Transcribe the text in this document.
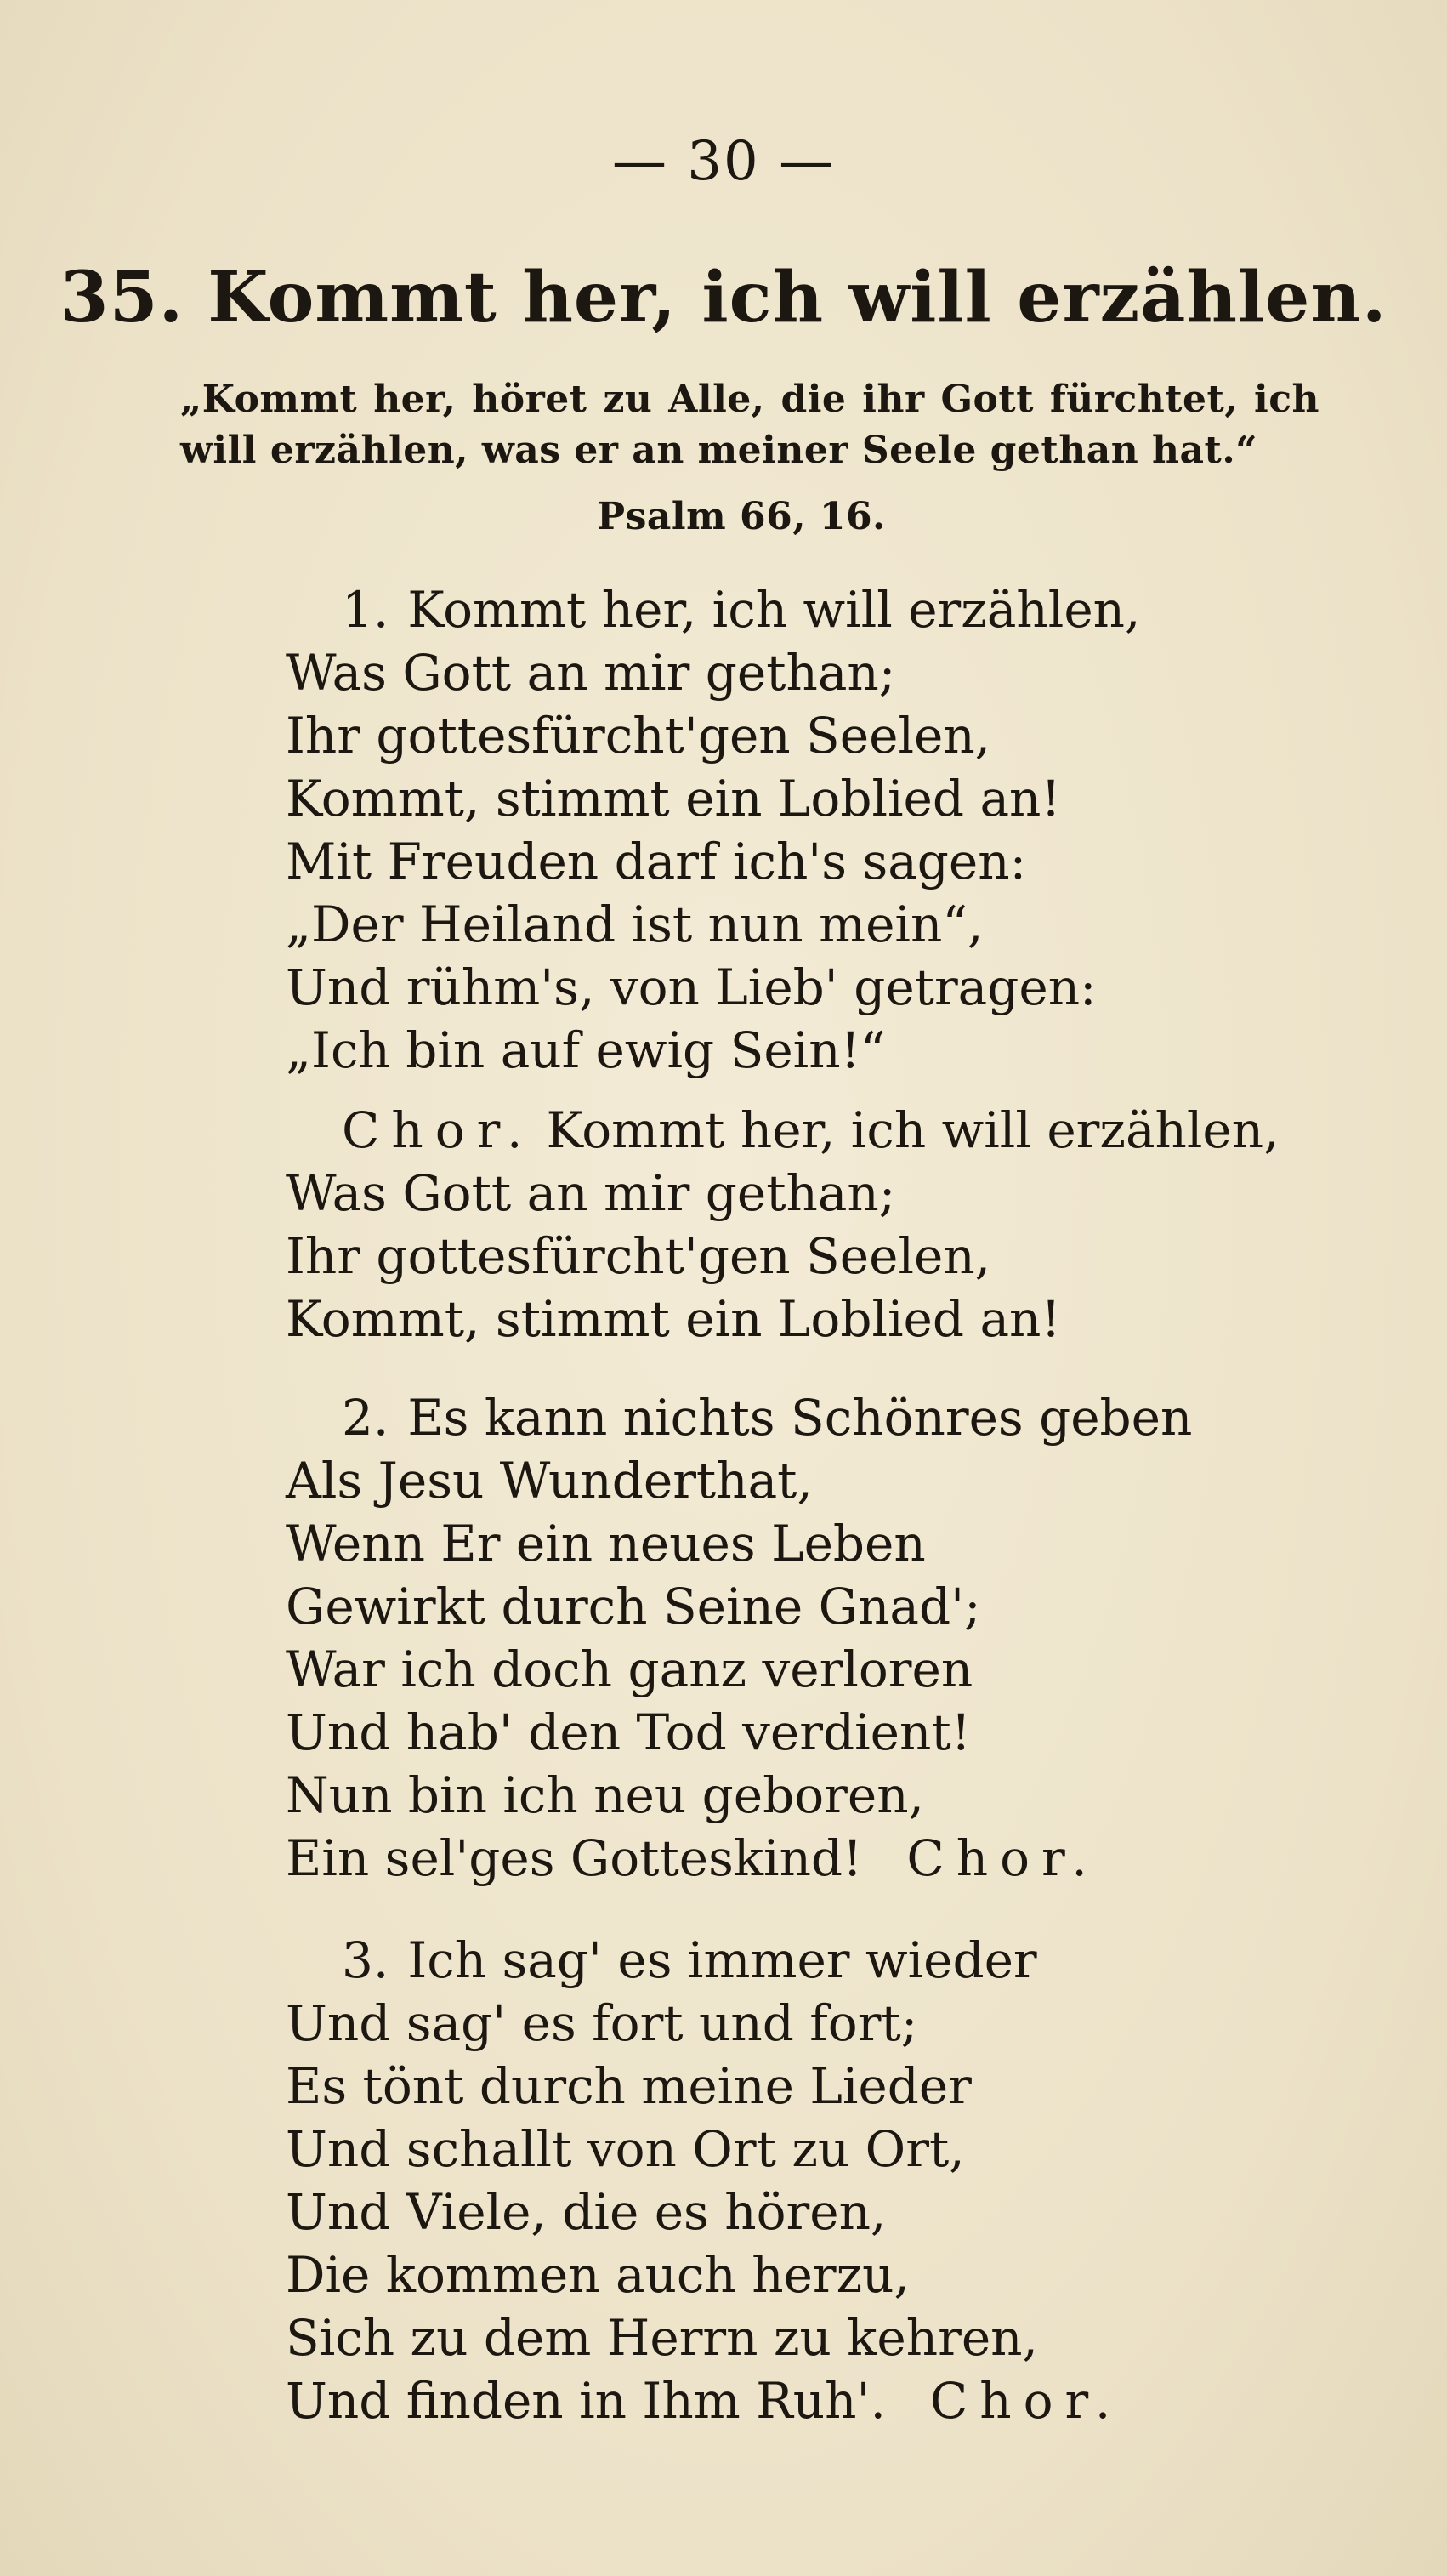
— 30 —
35. Kommt her, ich will erzählen.
„Kommt her, höret zu Alle, die ihr Gott fürchtet, ich
will erzählen, was er an meiner Seele gethan hat.“
Psalm 66, 16.
1. Kommt her, ich will erzählen,
Was Gott an mir gethan;
Ihr gottesfürcht'gen Seelen,
Kommt, stimmt ein Loblied an!
Mit Freuden darf ich's sagen:
„Der Heiland ist nun mein“,
Und rühm's, von Lieb' getragen:
„Ich bin auf ewig Sein!“
Chor. Kommt her, ich will erzählen,
Was Gott an mir gethan;
Ihr gottesfürcht'gen Seelen,
Kommt, stimmt ein Loblied an!
2. Es kann nichts Schönres geben
Als Jesu Wunderthat,
Wenn Er ein neues Leben
Gewirkt durch Seine Gnad';
War ich doch ganz verloren
Und hab' den Tod verdient!
Nun bin ich neu geboren,
Ein sel'ges Gotteskind! Chor.
3. Ich sag' es immer wieder
Und sag' es fort und fort;
Es tönt durch meine Lieder
Und schallt von Ort zu Ort,
Und Viele, die es hören,
Die kommen auch herzu,
Sich zu dem Herrn zu kehren,
Und finden in Ihm Ruh'. Chor.
